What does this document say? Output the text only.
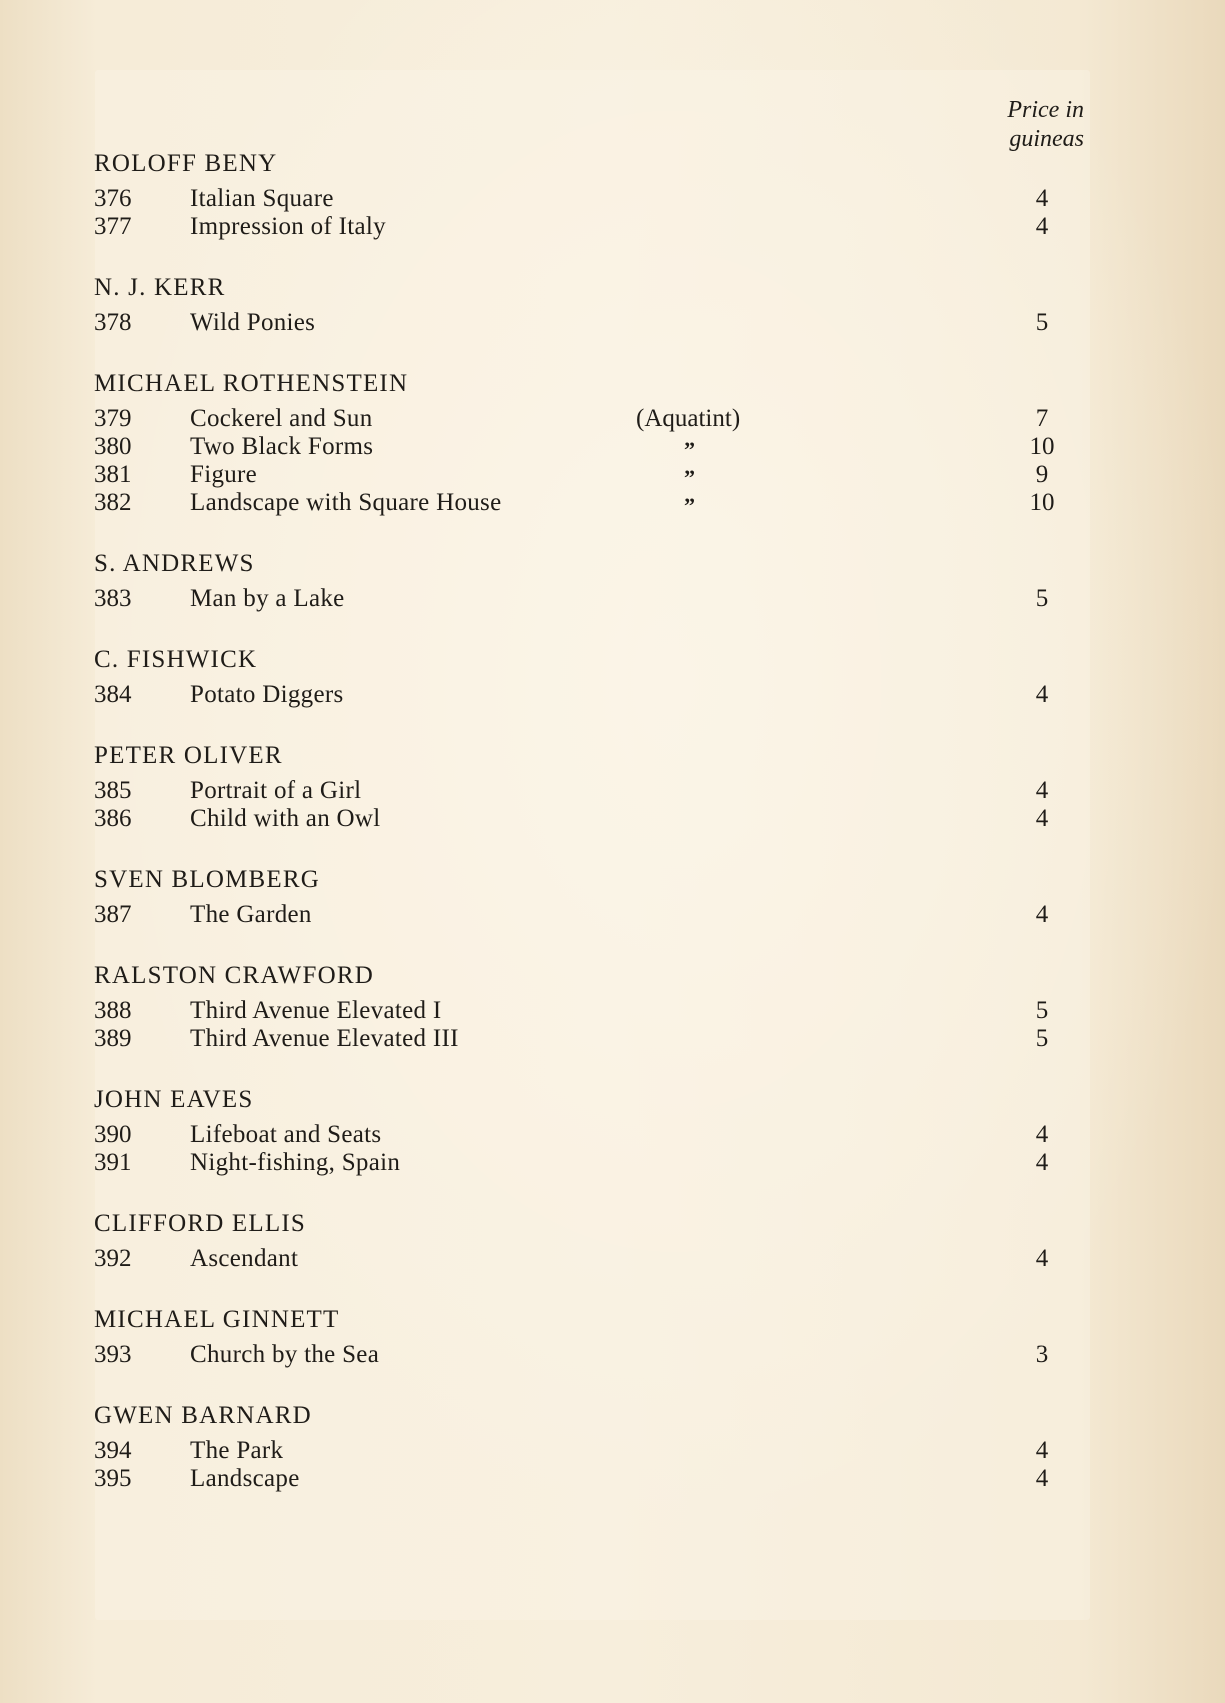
Price in
guineas
ROLOFF BENY
376 Italian Square	4
377 Impression of Italy	4
N. J. KERR
378 Wild Ponies	5
MICHAEL ROTHENSTEIN
379 Cockerel and Sun	(Aquatint)	7
380 Two Black Forms	”	10
381 Figure	”	9
382 Landscape with Square House	”	10
S. ANDREWS
383 Man by a Lake	5
C. FISHWICK
384 Potato Diggers	4
PETER OLIVER
385 Portrait of a Girl	4
386 Child with an Owl	4
SVEN BLOMBERG
387 The Garden	4
RALSTON CRAWFORD
388 Third Avenue Elevated I	5
389 Third Avenue Elevated III	5
JOHN EAVES
390 Lifeboat and Seats	4
391 Night-fishing, Spain	4
CLIFFORD ELLIS
392 Ascendant	4
MICHAEL GINNETT
393 Church by the Sea	3
GWEN BARNARD
394 The Park	4
395 Landscape	4
